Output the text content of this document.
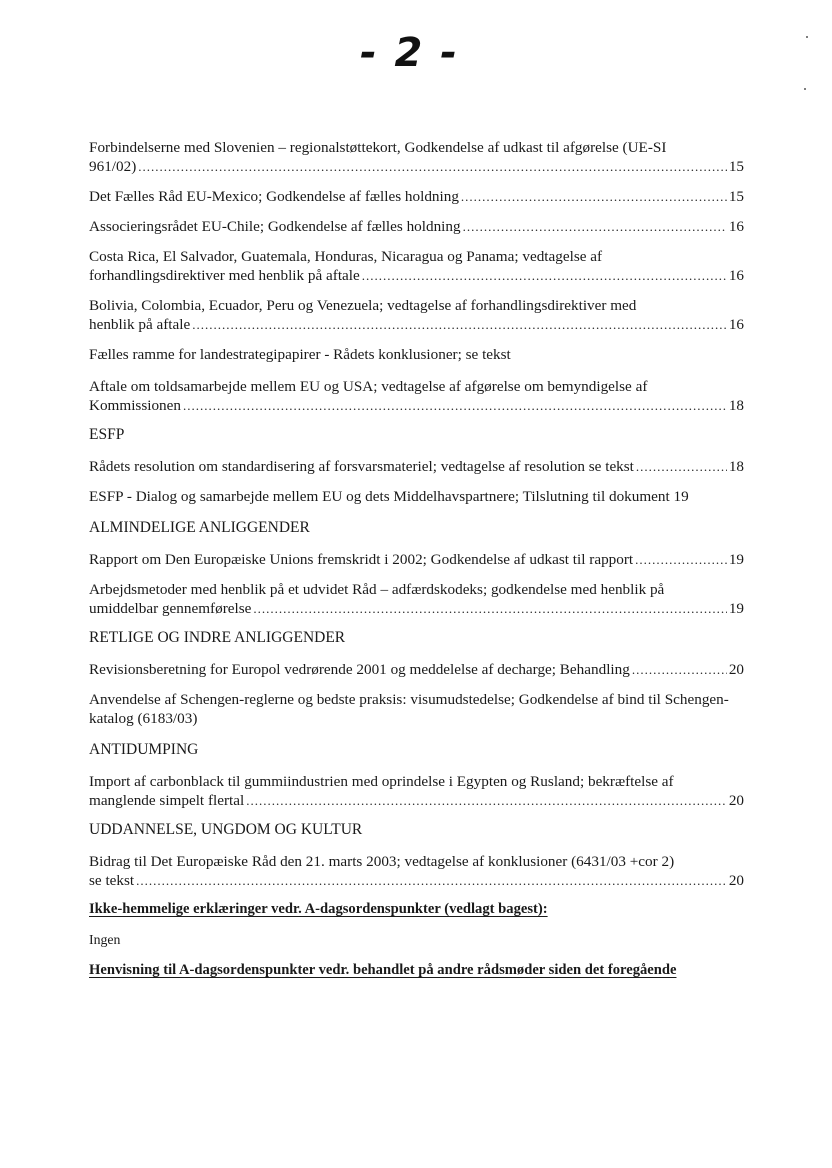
- 2 -
Forbindelserne med Slovenien – regionalstøttekort, Godkendelse af udkast til afgørelse (UE-SI
961/02) .....	15
Det Fælles Råd EU-Mexico; Godkendelse af fælles holdning .....	15
Associeringsrådet EU-Chile; Godkendelse af fælles holdning .....	16
Costa Rica, El Salvador, Guatemala, Honduras, Nicaragua og Panama; vedtagelse af
forhandlingsdirektiver med henblik på aftale .....	16
Bolivia, Colombia, Ecuador, Peru og Venezuela; vedtagelse af forhandlingsdirektiver med
henblik på aftale .....	16
Fælles ramme for landestrategipapirer - Rådets konklusioner; se tekst
Aftale om toldsamarbejde mellem EU og USA; vedtagelse af afgørelse om bemyndigelse af
Kommissionen .....	18
ESFP
Rådets resolution om standardisering af forsvarsmateriel; vedtagelse af resolution se tekst .....	18
ESFP - Dialog og samarbejde mellem EU og dets Middelhavspartnere; Tilslutning til dokument 19
ALMINDELIGE ANLIGGENDER
Rapport om Den Europæiske Unions fremskridt i 2002; Godkendelse af udkast til rapport .....	19
Arbejdsmetoder med henblik på et udvidet Råd – adfærdskodeks; godkendelse med henblik på
umiddelbar gennemførelse .....	19
RETLIGE OG INDRE ANLIGGENDER
Revisionsberetning for Europol vedrørende 2001 og meddelelse af decharge; Behandling .....	20
Anvendelse af Schengen-reglerne og bedste praksis: visumudstedelse; Godkendelse af bind til Schengen- katalog (6183/03)
ANTIDUMPING
Import af carbonblack til gummiindustrien med oprindelse i Egypten og Rusland; bekræftelse af
manglende simpelt flertal .....	20
UDDANNELSE, UNGDOM OG KULTUR
Bidrag til Det Europæiske Råd den 21. marts 2003; vedtagelse af konklusioner (6431/03 +cor 2)
se tekst .....	20
Ikke-hemmelige erklæringer vedr. A-dagsordenspunkter (vedlagt bagest):
Ingen
Henvisning til A-dagsordenspunkter vedr. behandlet på andre rådsmøder siden det foregående
